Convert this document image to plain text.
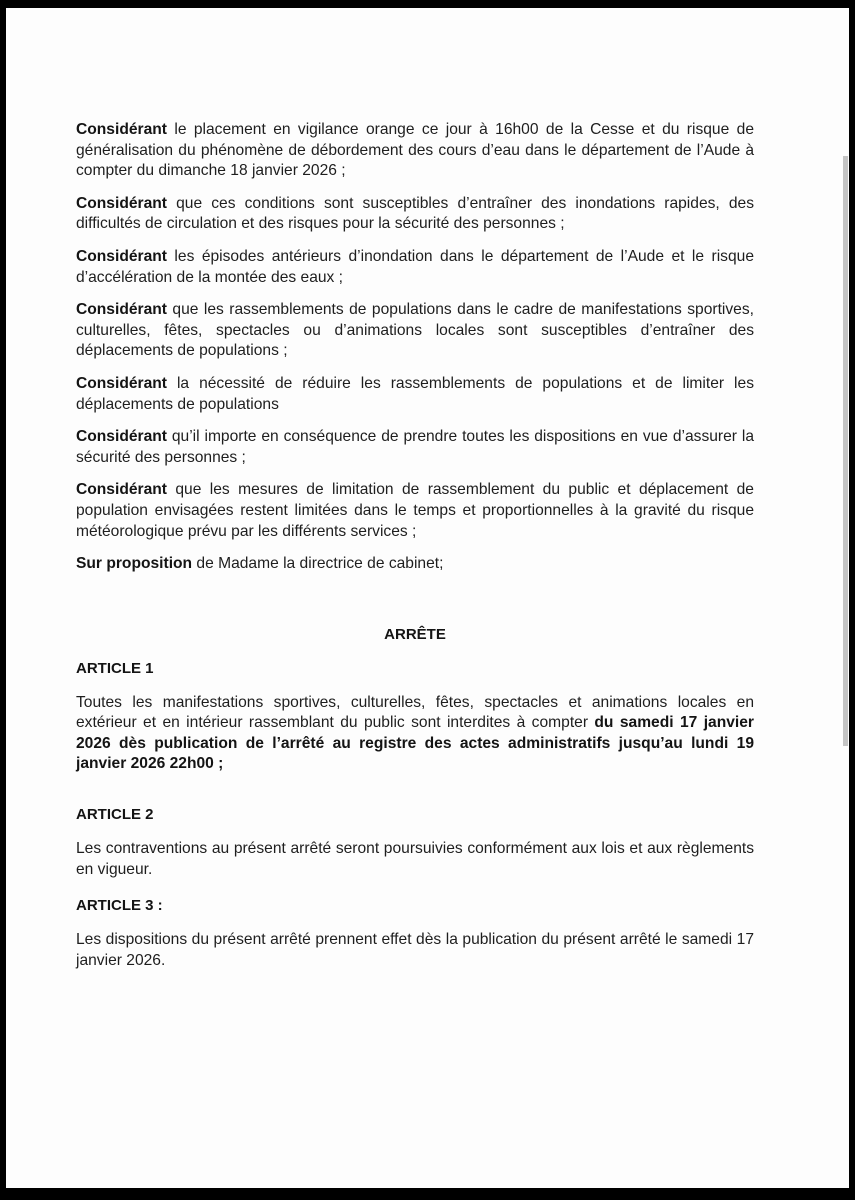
Considérant le placement en vigilance orange ce jour à 16h00 de la Cesse et du risque de généralisation du phénomène de débordement des cours d’eau dans le département de l’Aude à compter du dimanche 18 janvier 2026 ;
Considérant que ces conditions sont susceptibles d’entraîner des inondations rapides, des difficultés de circulation et des risques pour la sécurité des personnes ;
Considérant les épisodes antérieurs d’inondation dans le département de l’Aude et le risque d’accélération de la montée des eaux ;
Considérant que les rassemblements de populations dans le cadre de manifestations sportives, culturelles, fêtes, spectacles ou d’animations locales sont susceptibles d’entraîner des déplacements de populations ;
Considérant la nécessité de réduire les rassemblements de populations et de limiter les déplacements de populations
Considérant qu’il importe en conséquence de prendre toutes les dispositions en vue d’assurer la sécurité des personnes ;
Considérant que les mesures de limitation de rassemblement du public et déplacement de population envisagées restent limitées dans le temps et proportionnelles à la gravité du risque météorologique prévu par les différents services ;
Sur proposition de Madame la directrice de cabinet;
ARRÊTE
ARTICLE 1
Toutes les manifestations sportives, culturelles, fêtes, spectacles et animations locales en extérieur et en intérieur rassemblant du public sont interdites à compter du samedi 17 janvier 2026 dès publication de l’arrêté au registre des actes administratifs jusqu’au lundi 19 janvier 2026 22h00 ;
ARTICLE 2
Les contraventions au présent arrêté seront poursuivies conformément aux lois et aux règlements en vigueur.
ARTICLE 3 :
Les dispositions du présent arrêté prennent effet dès la publication du présent arrêté le samedi 17 janvier 2026.
